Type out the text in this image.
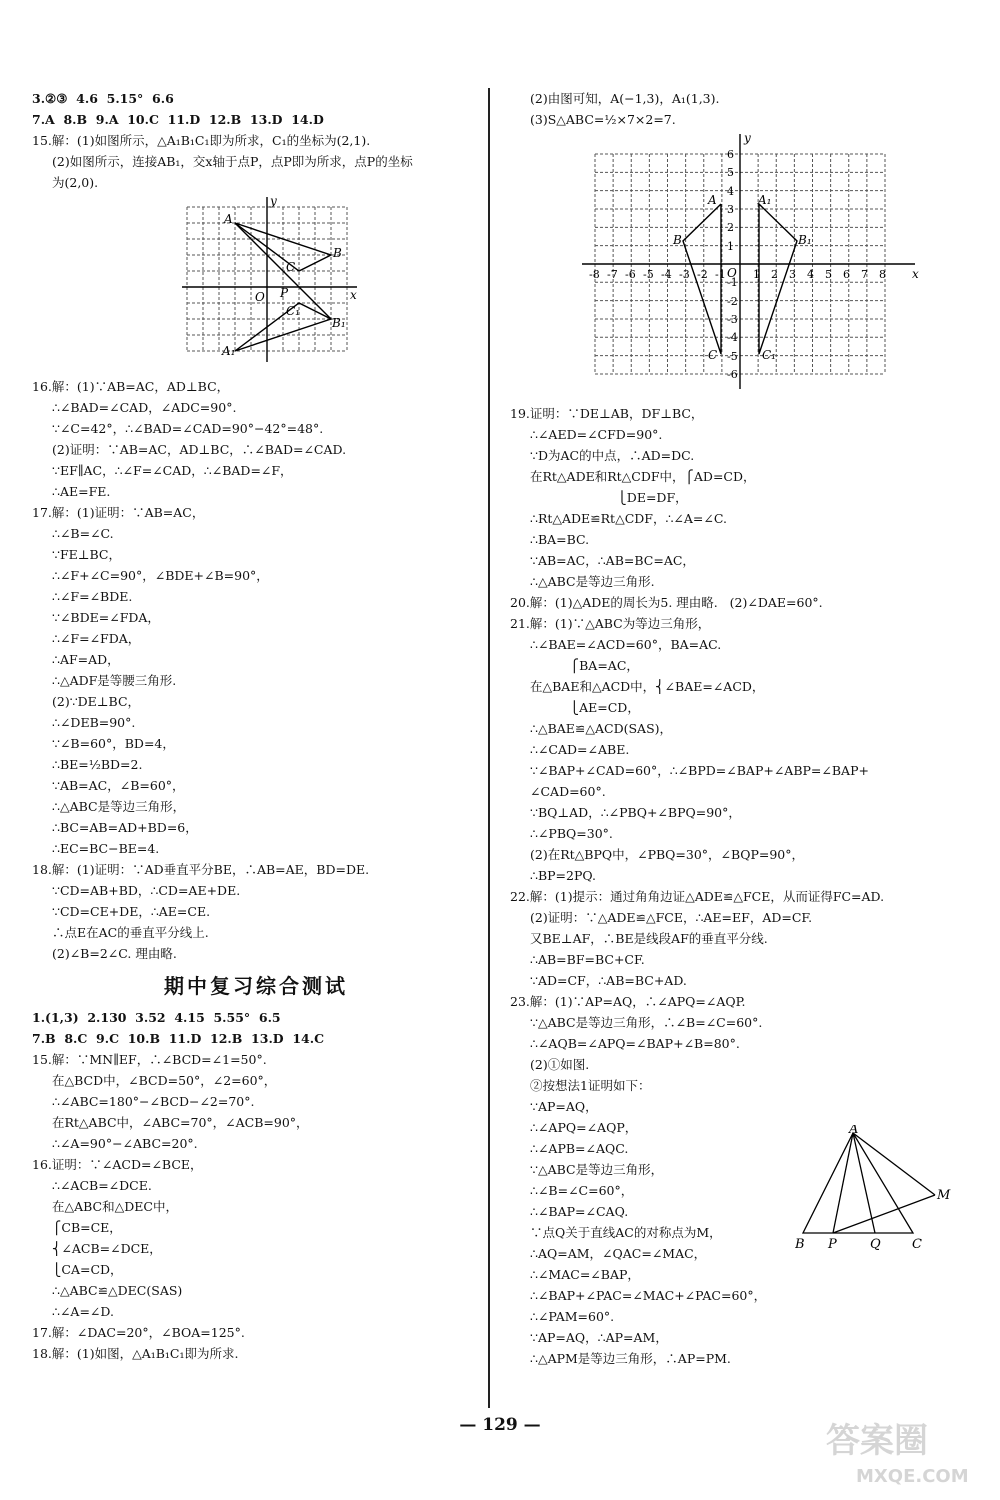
3.②③  4.6  5.15°  6.6
7.A  8.B  9.A  10.C  11.D  12.B  13.D  14.D
15.解：(1)如图所示，△A₁B₁C₁即为所求，C₁的坐标为(2,1).
(2)如图所示，连接AB₁，交x轴于点P，点P即为所求，点P的坐标
为(2,0).
y
x
O
A
B
C
C₁
A₁
B₁
P
16.解：(1)∵AB=AC，AD⊥BC，
∴∠BAD=∠CAD，∠ADC=90°.
∵∠C=42°，∴∠BAD=∠CAD=90°−42°=48°.
(2)证明：∵AB=AC，AD⊥BC，∴∠BAD=∠CAD.
∵EF∥AC，∴∠F=∠CAD，∴∠BAD=∠F，
∴AE=FE.
17.解：(1)证明：∵AB=AC，
∴∠B=∠C.
∵FE⊥BC，
∴∠F+∠C=90°，∠BDE+∠B=90°，
∴∠F=∠BDE.
∵∠BDE=∠FDA，
∴∠F=∠FDA，
∴AF=AD，
∴△ADF是等腰三角形.
(2)∵DE⊥BC，
∴∠DEB=90°.
∵∠B=60°，BD=4，
∴BE=½BD=2.
∵AB=AC，∠B=60°，
∴△ABC是等边三角形，
∴BC=AB=AD+BD=6，
∴EC=BC−BE=4.
18.解：(1)证明：∵AD垂直平分BE，∴AB=AE，BD=DE.
∵CD=AB+BD，∴CD=AE+DE.
∵CD=CE+DE，∴AE=CE.
∴点E在AC的垂直平分线上.
(2)∠B=2∠C. 理由略.
期中复习综合测试
1.(1,3)  2.130  3.52  4.15  5.55°  6.5
7.B  8.C  9.C  10.B  11.D  12.B  13.D  14.C
15.解：∵MN∥EF，∴∠BCD=∠1=50°.
在△BCD中，∠BCD=50°，∠2=60°，
∴∠ABC=180°−∠BCD−∠2=70°.
在Rt△ABC中，∠ABC=70°，∠ACB=90°，
∴∠A=90°−∠ABC=20°.
16.证明：∵∠ACD=∠BCE，
∴∠ACB=∠DCE.
在△ABC和△DEC中，
⎧CB=CE，
⎨∠ACB=∠DCE，
⎩CA=CD，
∴△ABC≌△DEC(SAS)
∴∠A=∠D.
17.解：∠DAC=20°，∠BOA=125°.
18.解：(1)如图，△A₁B₁C₁即为所求.
(2)由图可知，A(−1,3)，A₁(1,3).
(3)S△ABC=½×7×2=7.
y
x
O
A
B
C
A₁
B₁
C₁
-8 -7 -6 -5 -4 -3 -2 -1 1 2 3 4 5 6 7 8
6
5
4
3
2
1
-1
-2
-3
-4
-5
-6
19.证明：∵DE⊥AB，DF⊥BC，
∴∠AED=∠CFD=90°.
∵D为AC的中点，∴AD=DC.
在Rt△ADE和Rt△CDF中，⎧AD=CD，
⎩DE=DF，
∴Rt△ADE≌Rt△CDF，∴∠A=∠C.
∴BA=BC.
∵AB=AC，∴AB=BC=AC，
∴△ABC是等边三角形.
20.解：(1)△ADE的周长为5. 理由略.   (2)∠DAE=60°.
21.解：(1)∵△ABC为等边三角形，
∴∠BAE=∠ACD=60°，BA=AC.
⎧BA=AC，
在△BAE和△ACD中，⎨∠BAE=∠ACD，
⎩AE=CD，
∴△BAE≌△ACD(SAS)，
∴∠CAD=∠ABE.
∵∠BAP+∠CAD=60°，∴∠BPD=∠BAP+∠ABP=∠BAP+
∠CAD=60°.
∵BQ⊥AD，∴∠PBQ+∠BPQ=90°，
∴∠PBQ=30°.
(2)在Rt△BPQ中，∠PBQ=30°，∠BQP=90°，
∴BP=2PQ.
22.解：(1)提示：通过角角边证△ADE≌△FCE，从而证得FC=AD.
(2)证明：∵△ADE≌△FCE，∴AE=EF，AD=CF.
又BE⊥AF，∴BE是线段AF的垂直平分线.
∴AB=BF=BC+CF.
∵AD=CF，∴AB=BC+AD.
23.解：(1)∵AP=AQ，∴∠APQ=∠AQP.
∵△ABC是等边三角形，∴∠B=∠C=60°.
∴∠AQB=∠APQ=∠BAP+∠B=80°.
(2)①如图.
②按想法1证明如下：
∵AP=AQ，
∴∠APQ=∠AQP，
∴∠APB=∠AQC.
∵△ABC是等边三角形，
∴∠B=∠C=60°，
∴∠BAP=∠CAQ.
∵点Q关于直线AC的对称点为M，
∴AQ=AM，∠QAC=∠MAC，
∴∠MAC=∠BAP，
∴∠BAP+∠PAC=∠MAC+∠PAC=60°，
∴∠PAM=60°.
∵AP=AQ，∴AP=AM，
∴△APM是等边三角形，∴AP=PM.
A
B P	Q C
M
— 129 —	答案圈
MXQE.COM
